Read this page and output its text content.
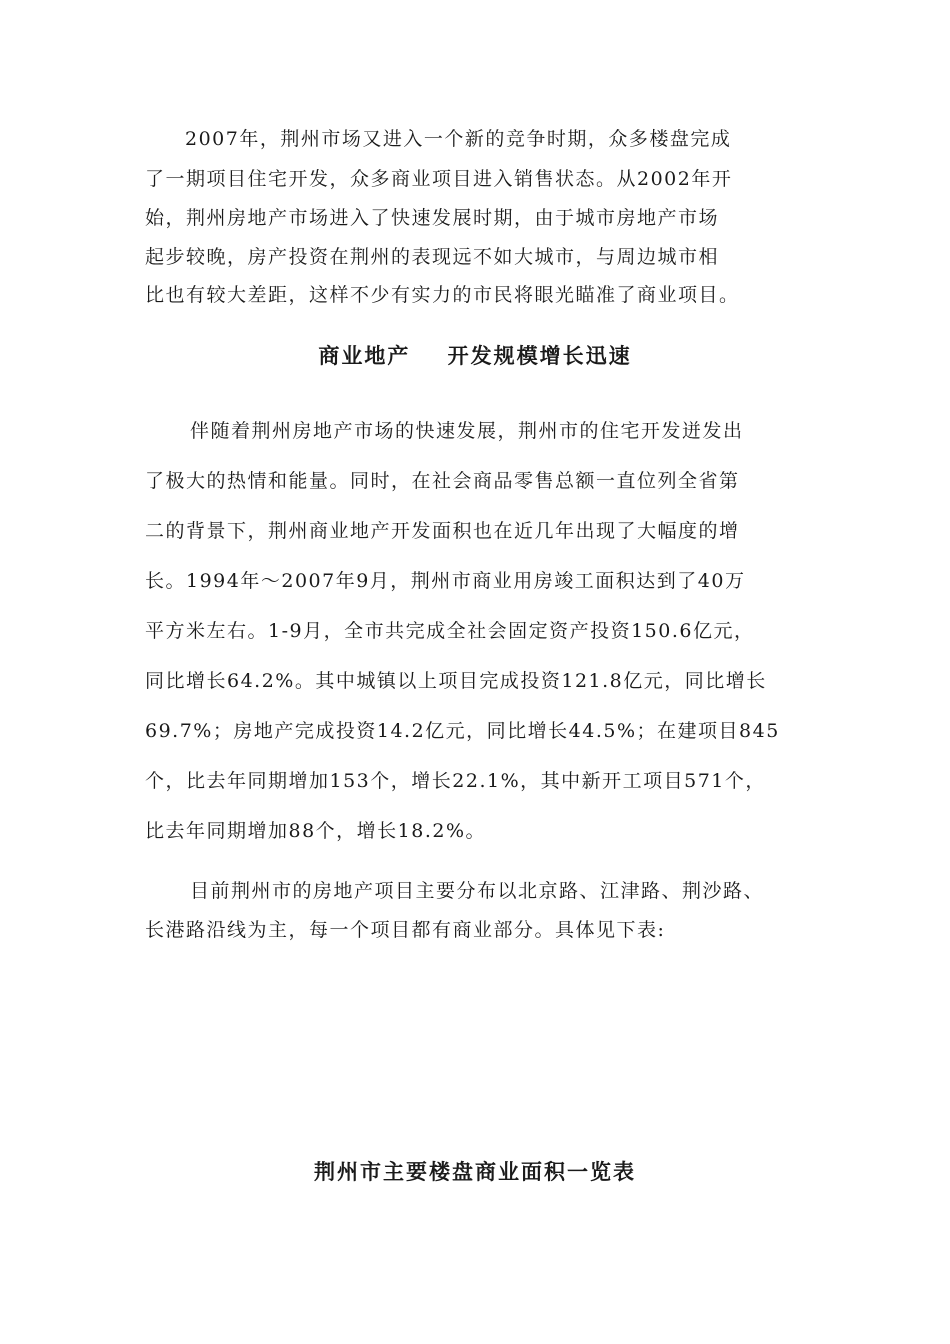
2007年，荆州市场又进入一个新的竞争时期，众多楼盘完成
了一期项目住宅开发，众多商业项目进入销售状态。从2002年开
始，荆州房地产市场进入了快速发展时期，由于城市房地产市场
起步较晚，房产投资在荆州的表现远不如大城市，与周边城市相
比也有较大差距，这样不少有实力的市民将眼光瞄准了商业项目。
商业地产    开发规模增长迅速
伴随着荆州房地产市场的快速发展，荆州市的住宅开发迸发出
了极大的热情和能量。同时，在社会商品零售总额一直位列全省第
二的背景下，荆州商业地产开发面积也在近几年出现了大幅度的增
长。1994年～2007年9月，荆州市商业用房竣工面积达到了40万
平方米左右。1-9月，全市共完成全社会固定资产投资150.6亿元，
同比增长64.2%。其中城镇以上项目完成投资121.8亿元，同比增长
69.7%；房地产完成投资14.2亿元，同比增长44.5%；在建项目845
个，比去年同期增加153个，增长22.1%，其中新开工项目571个，
比去年同期增加88个，增长18.2%。
目前荆州市的房地产项目主要分布以北京路、江津路、荆沙路、
长港路沿线为主，每一个项目都有商业部分。具体见下表:
荆州市主要楼盘商业面积一览表
